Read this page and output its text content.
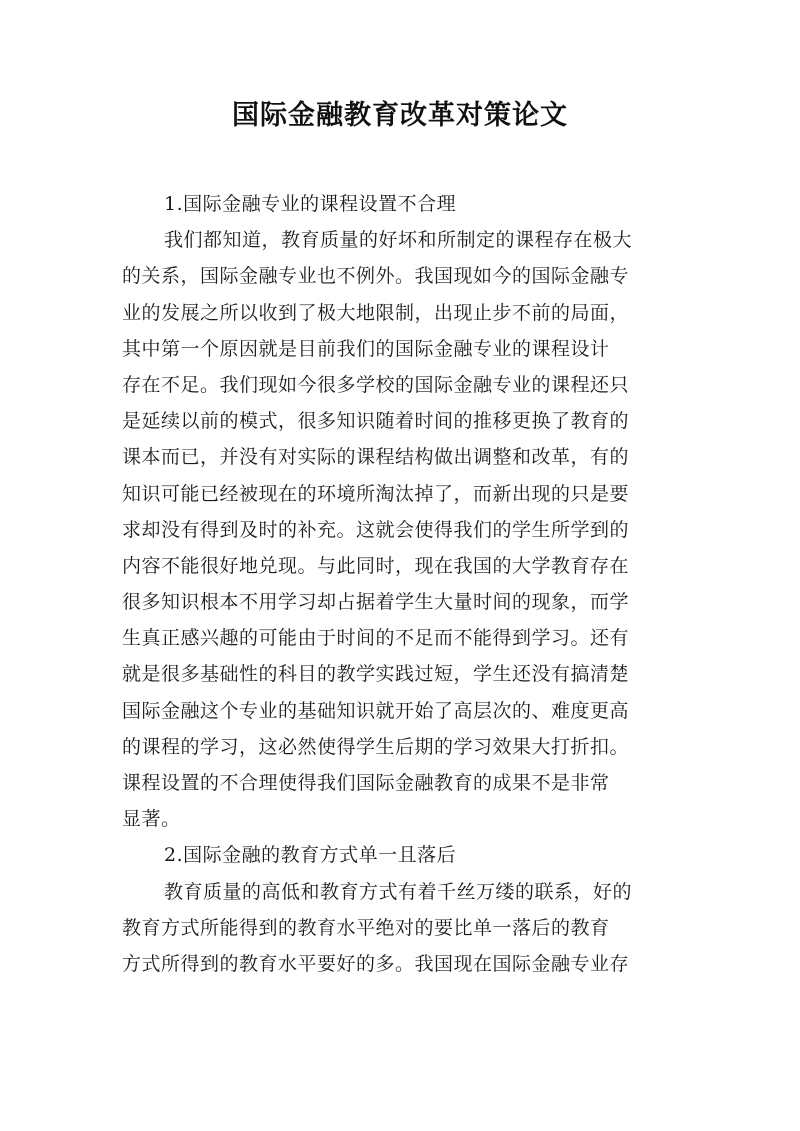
国际金融教育改革对策论文
1.国际金融专业的课程设置不合理
我们都知道，教育质量的好坏和所制定的课程存在极大
的关系，国际金融专业也不例外。我国现如今的国际金融专
业的发展之所以收到了极大地限制，出现止步不前的局面，
其中第一个原因就是目前我们的国际金融专业的课程设计
存在不足。我们现如今很多学校的国际金融专业的课程还只
是延续以前的模式，很多知识随着时间的推移更换了教育的
课本而已，并没有对实际的课程结构做出调整和改革，有的
知识可能已经被现在的环境所淘汰掉了，而新出现的只是要
求却没有得到及时的补充。这就会使得我们的学生所学到的
内容不能很好地兑现。与此同时，现在我国的大学教育存在
很多知识根本不用学习却占据着学生大量时间的现象，而学
生真正感兴趣的可能由于时间的不足而不能得到学习。还有
就是很多基础性的科目的教学实践过短，学生还没有搞清楚
国际金融这个专业的基础知识就开始了高层次的、难度更高
的课程的学习，这必然使得学生后期的学习效果大打折扣。
课程设置的不合理使得我们国际金融教育的成果不是非常
显著。
2.国际金融的教育方式单一且落后
教育质量的高低和教育方式有着千丝万缕的联系，好的
教育方式所能得到的教育水平绝对的要比单一落后的教育
方式所得到的教育水平要好的多。我国现在国际金融专业存
